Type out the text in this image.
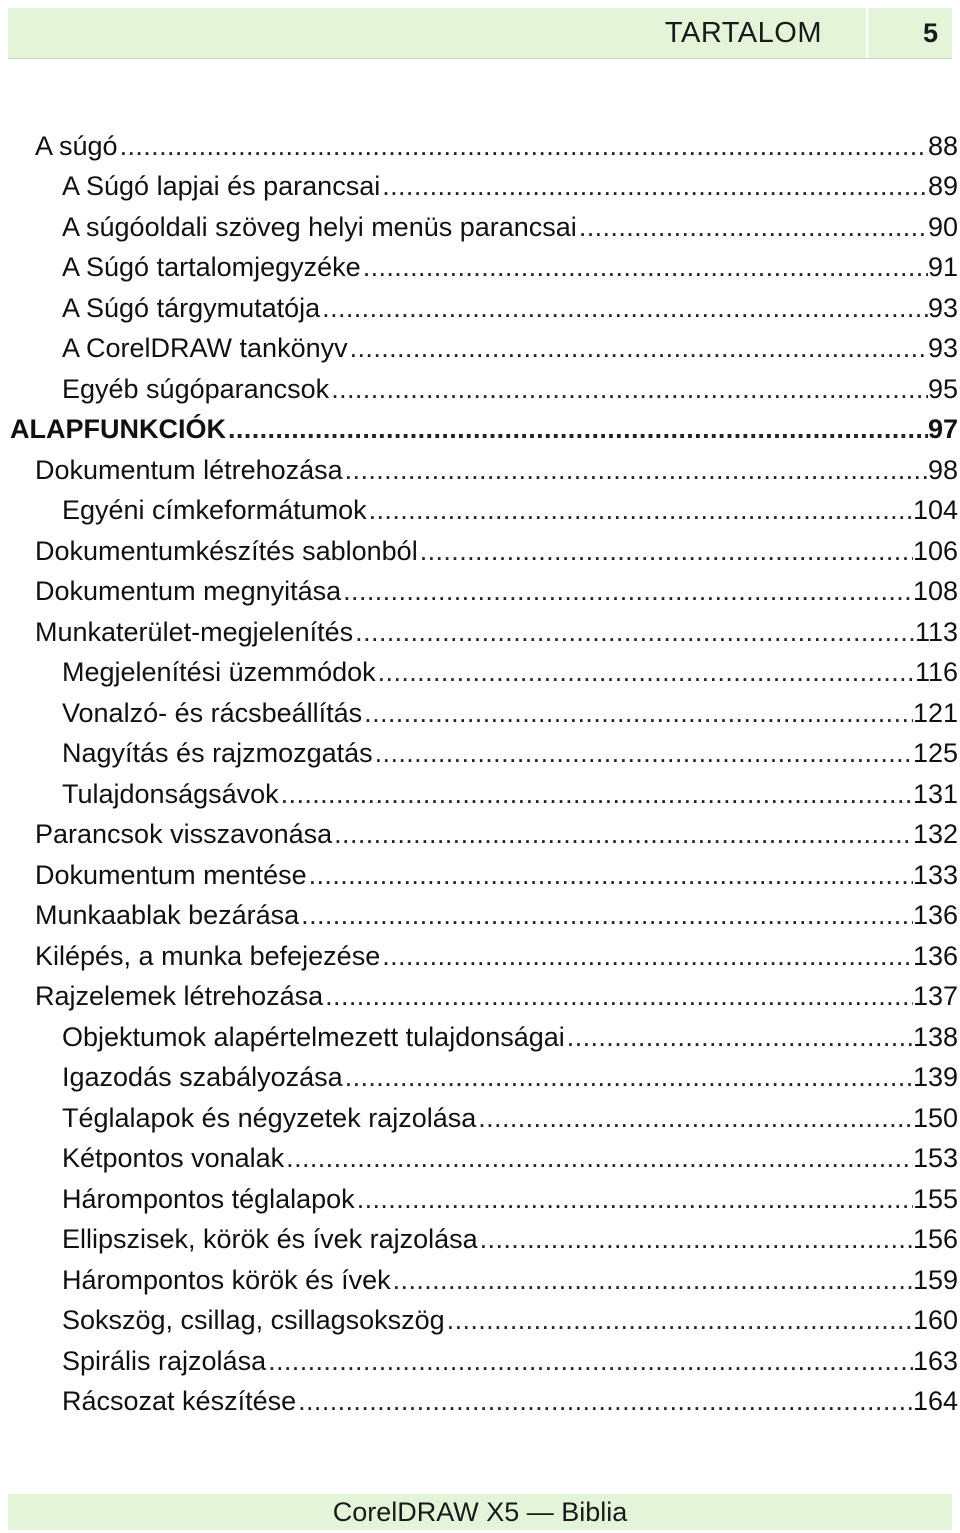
TARTALOM	5
A súgó .....	88
A Súgó lapjai és parancsai .....	89
A súgóoldali szöveg helyi menüs parancsai .....	90
A Súgó tartalomjegyzéke .....	91
A Súgó tárgymutatója .....	93
A CorelDRAW tankönyv .....	93
Egyéb súgóparancsok .....	95
ALAPFUNKCIÓK .....	97
Dokumentum létrehozása .....	98
Egyéni címkeformátumok .....	104
Dokumentumkészítés sablonból .....	106
Dokumentum megnyitása .....	108
Munkaterület-megjelenítés .....	113
Megjelenítési üzemmódok .....	116
Vonalzó- és rácsbeállítás .....	121
Nagyítás és rajzmozgatás .....	125
Tulajdonságsávok .....	131
Parancsok visszavonása .....	132
Dokumentum mentése .....	133
Munkaablak bezárása .....	136
Kilépés, a munka befejezése .....	136
Rajzelemek létrehozása .....	137
Objektumok alapértelmezett tulajdonságai .....	138
Igazodás szabályozása .....	139
Téglalapok és négyzetek rajzolása .....	150
Kétpontos vonalak .....	153
Hárompontos téglalapok .....	155
Ellipszisek, körök és ívek rajzolása .....	156
Hárompontos körök és ívek .....	159
Sokszög, csillag, csillagsokszög .....	160
Spirális rajzolása .....	163
Rácsozat készítése .....	164
CorelDRAW X5 — Biblia
